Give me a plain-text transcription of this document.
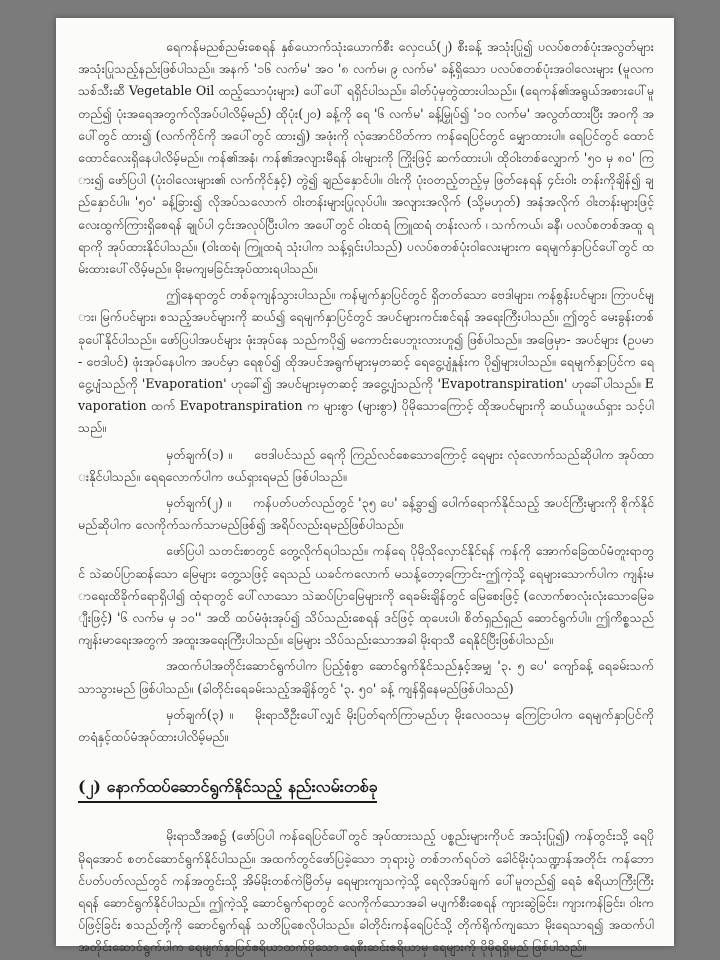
ရေကန်မညစ်ညမ်းစေရန် နှစ်ယောက်သုံးယောက်စီး လှေငယ်(၂) စီးခန့် အသုံးပြု၍ ပလပ်စတစ်ပုံးအလွတ်များ အသုံးပြုသည့်နည်းဖြစ်ပါသည်။ အနက် '၁၆ လက်မ' အဝ '၈ လက်မ၊ ၉ လက်မ' ခန့်ရှိသော ပလပ်စတစ်ပုံးအဝါလေးများ (မူလက သစ်သီးဆီ Vegetable Oil ထည့်သောပုံးများ) ပေါ်ပေါ် ရရှိင်ပါသည်။ ခါတ်ပုံမှတွဲထားပါသည်။ (ရေကန်၏အရွယ်အစားပေါ်မူတည်၍ ပုံးအရေအတွက်လိုအပ်ပါလိမ့်မည်) ထိုပုံး(၂၀) ခန့်ကို ရေ '၆ လက်မ' ခန့်မြှုပ်၍ '၁၀ လက်မ' အလွတ်ထားပြီး အဝကို အပေါ်တွင် ထား၍ (လက်ကိုင်ကို အပေါ်တွင် ထား၍) အဖုံးကို လုံအောင်ပိတ်ကာ ကန်ရေပြင်တွင် မျှောထားပါ။ ရေပြင်တွင် ထောင်ထောင်လေးရှိနေပါလိမ့်မည်။ ကန်၏အနံ၊ ကန်၏အလျားမီရန် ဝါးများကို ကြိုးဖြင့် ဆက်ထားပါ၊ ထိုဝါးတစ်လျှောက် '၅၀ မှ ၈၀' ကြား၍ ဖော်ပြပါ (ပုံးဝါလေးများ၏ လက်ကိုင်နှင့်) တွဲ၍ ချည်နှောင်ပါ။ ဝါးကို ပုံးဝတည့်တည့်မှ ဖြတ်နေရန် ၄င်းဝါး တန်းကိုချိန်၍ ချည်နှောင်ပါ။ '၅၀' ခန့်ခြား၍ လိုအပ်သလောက် ဝါးတန်းများပြုလုပ်ပါ။ အလျားအလိုက် (သို့မဟုတ်) အနံအလိုက် ဝါးတန်းများဖြင့် လေးထွက်ကြားရှိစေရန် ချုပ်ပါ ၄င်းအလုပ်ပြီးပါက အပေါ်တွင် ဝါးထရံ ကြူထရံ တန်းလက် ၊ သက်ကယ်၊ ခနီ၊ ပလပ်စတစ်အထူ ရရာကို အုပ်ထားနိုင်ပါသည်။ (ဝါးထရံ၊ ကြူထရံ သုံးပါက သန့်ရှင်းပါသည်) ပလပ်စတစ်ပုံးဝါလေးများက ရေမျက်နှာပြင်ပေါ်တွင် ထမ်းထားပေါ်လိမ့်မည်။ မိုးမကျမခြင်းအုပ်ထားရပါသည်။

ဤနေရာတွင် တစ်ခုကျန်သွားပါသည်။ ကန်မျက်နှာပြင်တွင် ရှိတတ်သော ဗေဒါများ၊ ကန်စွန်းပင်များ၊ ကြာပင်များ၊ မြက်ပင်များ၊ စသည့်အပင်များကို ဆယ်၍ ရေမျက်နှာပြင်တွင် အပင်များကင်းစင်ရန် အရေးကြီးပါသည်။ ဤတွင် မေးခွန်းတစ်ခုပေါ်နိုင်ပါသည်။ ဖော်ပြပါအပင်များ ဖုံးအုပ်နေ သည်ကပို၍ မကောင်းပေဘူးလားဟူ၍ ဖြစ်ပါသည်။ အဖြေမှာ- အပင်များ (ဥပမာ- ဗေဒါပင်) ဖုံးအုပ်နေပါက အပင်မှာ ရေစုပ်၍ ထိုအပင်အရွက်များမှတဆင့် ရေငွေ့ပျံနှုန်းက ပို၍များပါသည်။ ရေမျက်နှာပြင်က ရေငွေ့ပျံသည်ကို 'Evaporation' ဟုခေါ်၍ အပင်များမှတဆင့် အငွေ့ပျံသည်ကို 'Evapotranspiration' ဟုခေါ်ပါသည်။ Evaporation ထက် Evapotranspiration က များစွာ (များစွာ) ပိုမိုသောကြောင့် ထိုအပင်များကို ဆယ်ယူဖယ်ရှား သင့်ပါသည်။

မှတ်ချက်(၁) ။ ဗေဒါပင်သည် ရေကို ကြည်လင်စေသောကြောင့် ရေများ လုံလောက်သည်ဆိုပါက အုပ်ထားနိုင်ပါသည်။ ရေရလောက်ပါက ဖယ်ရှားရမည် ဖြစ်ပါသည်။

မှတ်ချက်(၂) ။ ကန်ပတ်ပတ်လည်တွင် '၃၅ ပေ' ခန့်ခွာ၍ ပေါက်ရောက်နိုင်သည့် အပင်ကြီးများကို စိုက်နိုင်မည်ဆိုပါက လေကိုက်သက်သာမည်ဖြစ်၍ အရိပ်လည်းရမည်ဖြစ်ပါသည်။

ဖော်ပြပါ သတင်းစာတွင် တွေ့လိုက်ရပါသည်။ ကန်ရေ ပိုမိုသိုလှောင်နိုင်ရန် ကန်ကို အောက်ခြေထပ်မံတူးရာတွင် သဲဆပ်ပြာဆန်သော မြေများ တွေ့သဖြင့် ရေသည် ယခင်ကလောက် မသန့်တော့ကြောင်း-ဤကဲ့သို့ ရေများသောက်ပါက ကျန်းမာရေးထိခိုက်ရောရှိပါ၍ ထုံရာတွင် ပေါ်လာသော သဲဆပ်ပြာမြေများကို ရေခမ်းချိန်တွင် မြေစေးဖြင့် (လောက်စာလုံးလုံးသောမြေချီးဖြင့်) '၆ လက်မ မှ ၁၀'' အထိ ထပ်မံဖုံးအုပ်၍ သိပ်သည်းစေရန် ဒင်ဖြင့် ထုပေးပါ၊ စိတ်ရှည်ရှည် ဆောင်ရွက်ပါ။ ဤကိစ္စသည် ကျန်းမာရေးအတွက် အထူးအရေးကြီးပါသည်။ မြေများ သိပ်သည်းသောအခါ မိုးရာသီ ရေနိုင်ပြီးဖြစ်ပါသည်။

အထက်ပါအတိုင်းဆောင်ရွက်ပါက ပြည့်စုံစွာ ဆောင်ရွက်နိုင်သည်နှင့်အမျှ '၃. ၅ ပေ' ကျော်ခန့် ရေခမ်းသက်သာသွားမည် ဖြစ်ပါသည်။ (ခါတိုင်းရေခမ်းသည့်အချိန်တွင် '၃. ၅၀' ခန့် ကျန်ရှိနေမည်ဖြစ်ပါသည်)

မှတ်ချက်(၃) ။ မိုးရာသီဦးပေါ်လျှင် မိုးပြတ်ရက်ကြာမည်ဟု မိုးလေဝသမှ ကြေငြာပါက ရေမျက်နှာပြင်ကို တရံနှင့်ထပ်မံအုပ်ထားပါလိမ့်မည်။

(၂) နောက်ထပ်ဆောင်ရွက်နိုင်သည့် နည်းလမ်းတစ်ခု

မိုးရာသီအစ၌ (ဖော်ပြပါ ကန်ရေပြင်ပေါ်တွင် အုပ်ထားသည့် ပစ္စည်းများကိုပင် အသုံးပြု၍) ကန်တွင်းသို့ ရေပိုမိုရအောင် စတင်ဆောင်ရွက်နိုင်ပါသည်။ အထက်တွင်ဖော်ပြခဲ့သော ဘုရားပွဲ တစ်ဘက်ရပ်တဲ ခေါင်မိုးပုံသဏ္ဍာန်အတိုင်း ကန်ဘောင်ပတ်ပတ်လည်တွင် ကန်အတွင်းသို့ အိမ်မိုးတစ်ကဲမြိတ်မှ ရေများကျသကဲ့သို့ ရေလိုအပ်ချက် ပေါ်မူတည်၍ ရေခံ ဧရိယာကြီးကြီးရရန် ဆောင်ရွက်နိုင်ပါသည်။ ဤကဲ့သို့ ဆောင်ရွက်ရာတွင် လေကိုက်သောအခါ မပျက်စီးစေရန် ကျားဆွဲခြင်း၊ ကျားကန်ခြင်း၊ ဝါးကပ်ဖြင့်ခြင်း စသည်တို့ကို ဆောင်ရွက်ရန် သတိပြုစေလိုပါသည်။ ခါတိုင်းကန်ရေပြင်သို့ တိုက်ရိုက်ကျသော မိုးရေသာရ၍ အထက်ပါအတိုင်းဆောင်ရွက်ပါက ရေမျက်နှာပြင်ဧရိယာထက်ပိုသော ရေစီးဆင်းဧရိယာမှ ရေများကို ပိုမိုရရှိမည် ဖြစ်ပါသည်။
